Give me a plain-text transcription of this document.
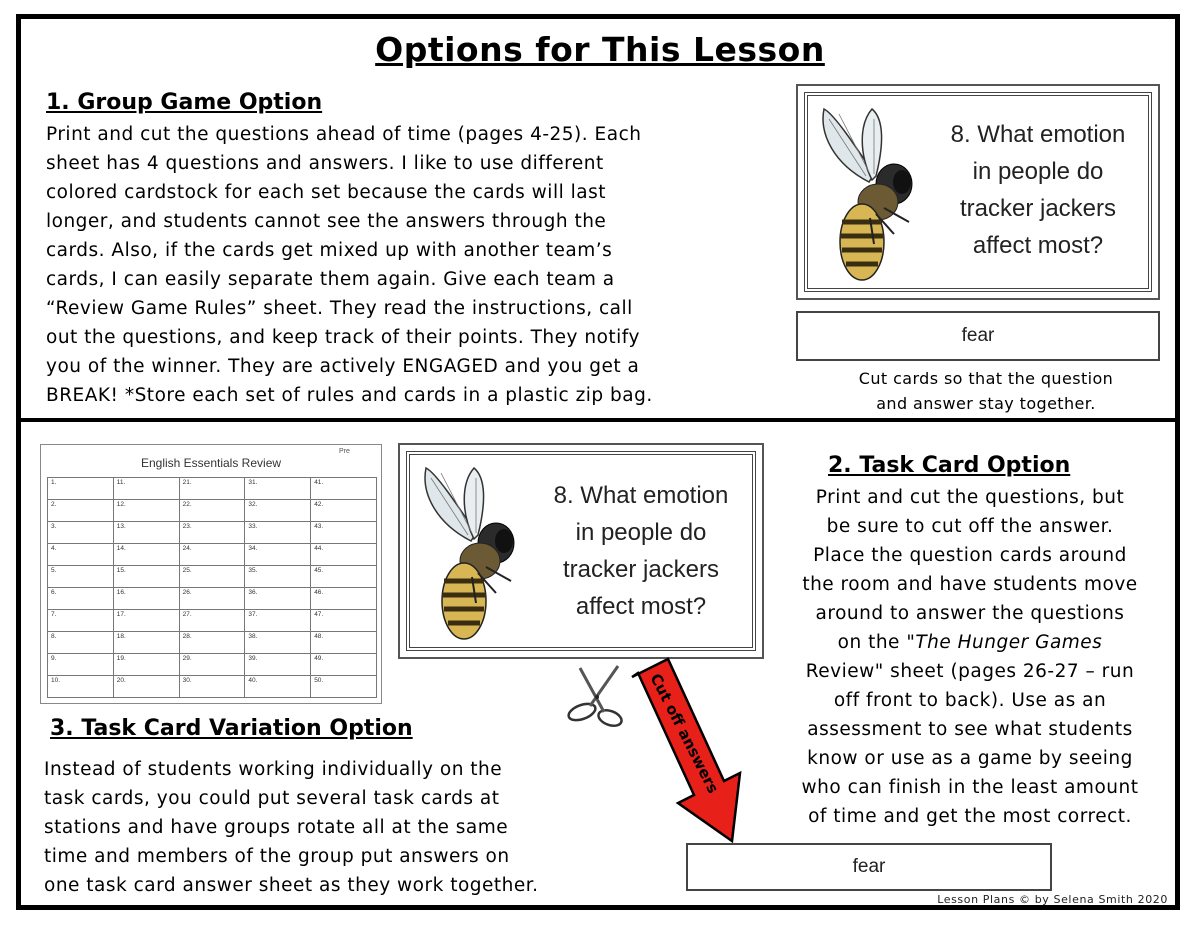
Options for This Lesson
1. Group Game Option
Print and cut the questions ahead of time (pages 4-25). Each
sheet has 4 questions and answers. I like to use different
colored cardstock for each set because the cards will last
longer, and students cannot see the answers through the
cards. Also, if the cards get mixed up with another team’s
cards, I can easily separate them again. Give each team a
“Review Game Rules” sheet. They read the instructions, call
out the questions, and keep track of their points. They notify
you of the winner. They are actively ENGAGED and you get a
BREAK! *Store each set of rules and cards in a plastic zip bag.
8. What emotion
in people do
tracker jackers
affect most?
fear
Cut cards so that the question
and answer stay together.
Pre
English Essentials Review
1.	11.	21.	31.	41.
2.	12.	22.	32.	42.
3.	13.	23.	33.	43.
4.	14.	24.	34.	44.
5.	15.	25.	35.	45.
6.	16.	26.	36.	46.
7.	17.	27.	37.	47.
8.	18.	28.	38.	48.
9.	19.	29.	39.	49.
10.	20.	30.	40.	50.
8. What emotion
in people do
tracker jackers
affect most?
Cut off answers
fear
2. Task Card Option
Print and cut the questions, but
be sure to cut off the answer.
Place the question cards around
the room and have students move
around to answer the questions
on the "The Hunger Games
Review" sheet (pages 26-27 – run
off front to back). Use as an
assessment to see what students
know or use as a game by seeing
who can finish in the least amount
of time and get the most correct.
3. Task Card Variation Option
Instead of students working individually on the
task cards, you could put several task cards at
stations and have groups rotate all at the same
time and members of the group put answers on
one task card answer sheet as they work together.
Lesson Plans © by Selena Smith 2020
